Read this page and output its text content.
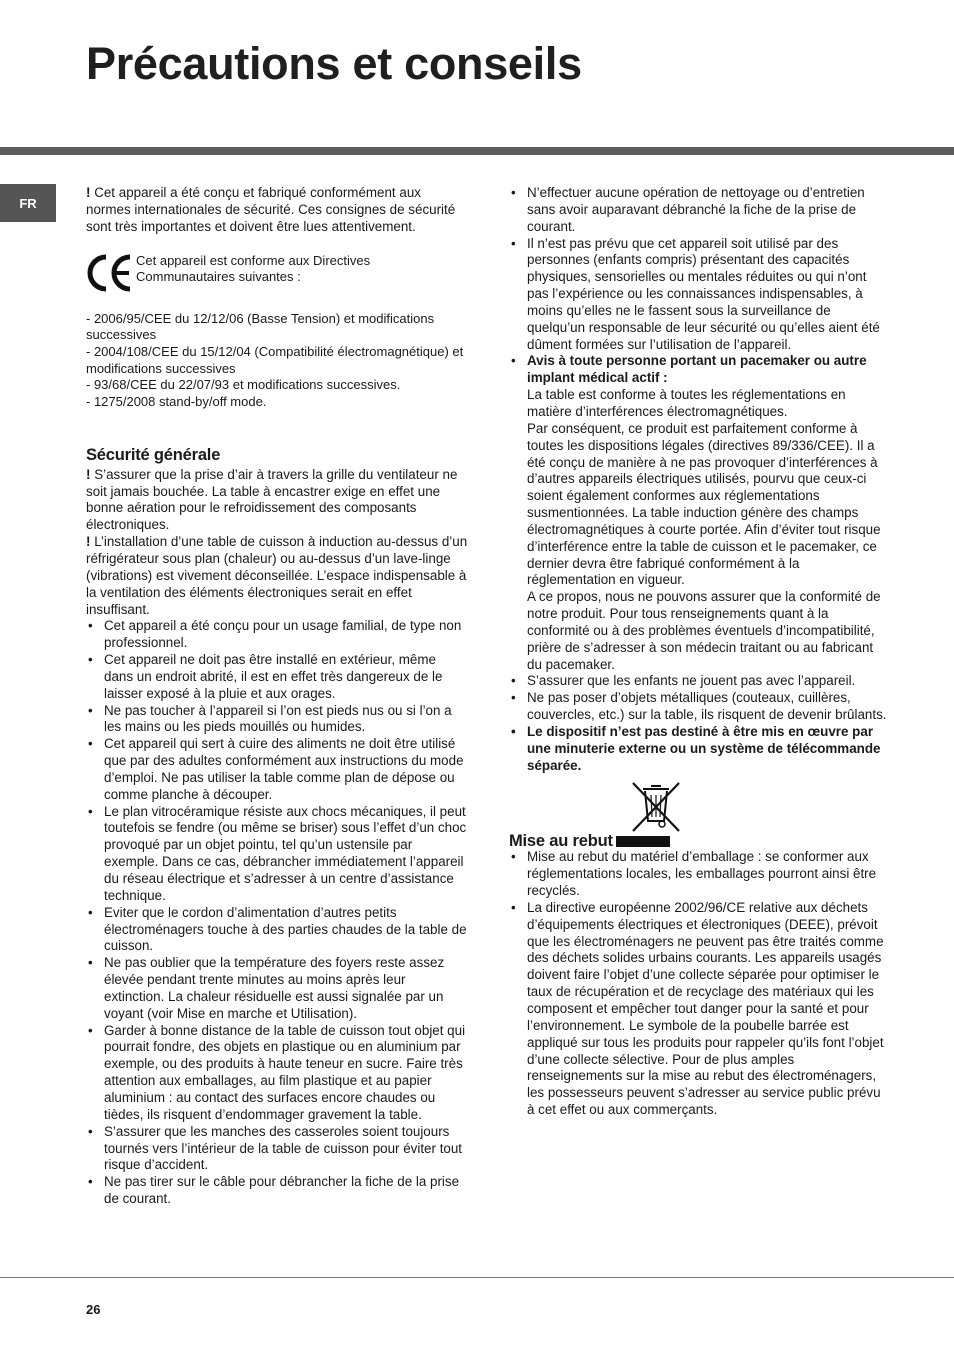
Précautions et conseils
FR

! Cet appareil a été conçu et fabriqué conformément aux normes internationales de sécurité. Ces consignes de sécurité sont très importantes et doivent être lues attentivement.

Cet appareil est conforme aux Directives Communautaires suivantes :

- 2006/95/CEE du 12/12/06 (Basse Tension) et modifications successives

- 2004/108/CEE du 15/12/04 (Compatibilité électromagnétique) et modifications successives

- 93/68/CEE du 22/07/93 et modifications successives.

- 1275/2008 stand-by/off mode.

Sécurité générale

! S’assurer que la prise d’air à travers la grille du ventilateur ne soit jamais bouchée. La table à encastrer exige en effet une bonne aération pour le refroidissement des composants électroniques.

! L’installation d’une table de cuisson à induction au-dessus d’un réfrigérateur sous plan (chaleur) ou au-dessus d’un lave-linge (vibrations) est vivement déconseillée. L’espace indispensable à la ventilation des éléments électroniques serait en effet insuffisant.

• Cet appareil a été conçu pour un usage familial, de type non professionnel.
• Cet appareil ne doit pas être installé en extérieur, même dans un endroit abrité, il est en effet très dangereux de le laisser exposé à la pluie et aux orages.
• Ne pas toucher à l’appareil si l’on est pieds nus ou si l’on a les mains ou les pieds mouillés ou humides.
• Cet appareil qui sert à cuire des aliments ne doit être utilisé que par des adultes conformément aux instructions du mode d’emploi. Ne pas utiliser la table comme plan de dépose ou comme planche à découper.
• Le plan vitrocéramique résiste aux chocs mécaniques, il peut toutefois se fendre (ou même se briser) sous l’effet d’un choc provoqué par un objet pointu, tel qu’un ustensile par exemple. Dans ce cas, débrancher immédiatement l’appareil du réseau électrique et s’adresser à un centre d’assistance technique.
• Eviter que le cordon d’alimentation d’autres petits électroménagers touche à des parties chaudes de la table de cuisson.
• Ne pas oublier que la température des foyers reste assez élevée pendant trente minutes au moins après leur extinction. La chaleur résiduelle est aussi signalée par un voyant (voir Mise en marche et Utilisation).
• Garder à bonne distance de la table de cuisson tout objet qui pourrait fondre, des objets en plastique ou en aluminium par exemple, ou des produits à haute teneur en sucre. Faire très attention aux emballages, au film plastique et au papier aluminium : au contact des surfaces encore chaudes ou tièdes, ils risquent d’endommager gravement la table.
• S’assurer que les manches des casseroles soient toujours tournés vers l’intérieur de la table de cuisson pour éviter tout risque d’accident.
• Ne pas tirer sur le câble pour débrancher la fiche de la prise de courant.
• N’effectuer aucune opération de nettoyage ou d’entretien sans avoir auparavant débranché la fiche de la prise de courant.
• Il n’est pas prévu que cet appareil soit utilisé par des personnes (enfants compris) présentant des capacités physiques, sensorielles ou mentales réduites ou qui n’ont pas l’expérience ou les connaissances indispensables, à moins qu’elles ne le fassent sous la surveillance de quelqu’un responsable de leur sécurité ou qu’elles aient été dûment formées sur l’utilisation de l’appareil.
• Avis à toute personne portant un pacemaker ou autre implant médical actif :

La table est conforme à toutes les réglementations en matière d’interférences électromagnétiques.

Par conséquent, ce produit est parfaitement conforme à toutes les dispositions légales (directives 89/336/CEE). Il a été conçu de manière à ne pas provoquer d’interférences à d’autres appareils électriques utilisés, pourvu que ceux-ci soient également conformes aux réglementations susmentionnées. La table induction génère des champs électromagnétiques à courte portée. Afin d’éviter tout risque d’interférence entre la table de cuisson et le pacemaker, ce dernier devra être fabriqué conformément à la réglementation en vigueur.

A ce propos, nous ne pouvons assurer que la conformité de notre produit. Pour tous renseignements quant à la conformité ou à des problèmes éventuels d’incompatibilité, prière de s’adresser à son médecin traitant ou au fabricant du pacemaker.

• S’assurer que les enfants ne jouent pas avec l’appareil.
• Ne pas poser d’objets métalliques (couteaux, cuillères, couvercles, etc.) sur la table, ils risquent de devenir brûlants.
• Le dispositif n’est pas destiné à être mis en œuvre par une minuterie externe ou un système de télécommande séparée.
Mise au rebut
• Mise au rebut du matériel d’emballage : se conformer aux réglementations locales, les emballages pourront ainsi être recyclés.
• La directive européenne 2002/96/CE relative aux déchets d’équipements électriques et électroniques (DEEE), prévoit que les électroménagers ne peuvent pas être traités comme des déchets solides urbains courants. Les appareils usagés doivent faire l’objet d’une collecte séparée pour optimiser le taux de récupération et de recyclage des matériaux qui les composent et empêcher tout danger pour la santé et pour l’environnement. Le symbole de la poubelle barrée est appliqué sur tous les produits pour rappeler qu’ils font l’objet d’une collecte sélective. Pour de plus amples renseignements sur la mise au rebut des électroménagers, les possesseurs peuvent s’adresser au service public prévu à cet effet ou aux commerçants.
26
